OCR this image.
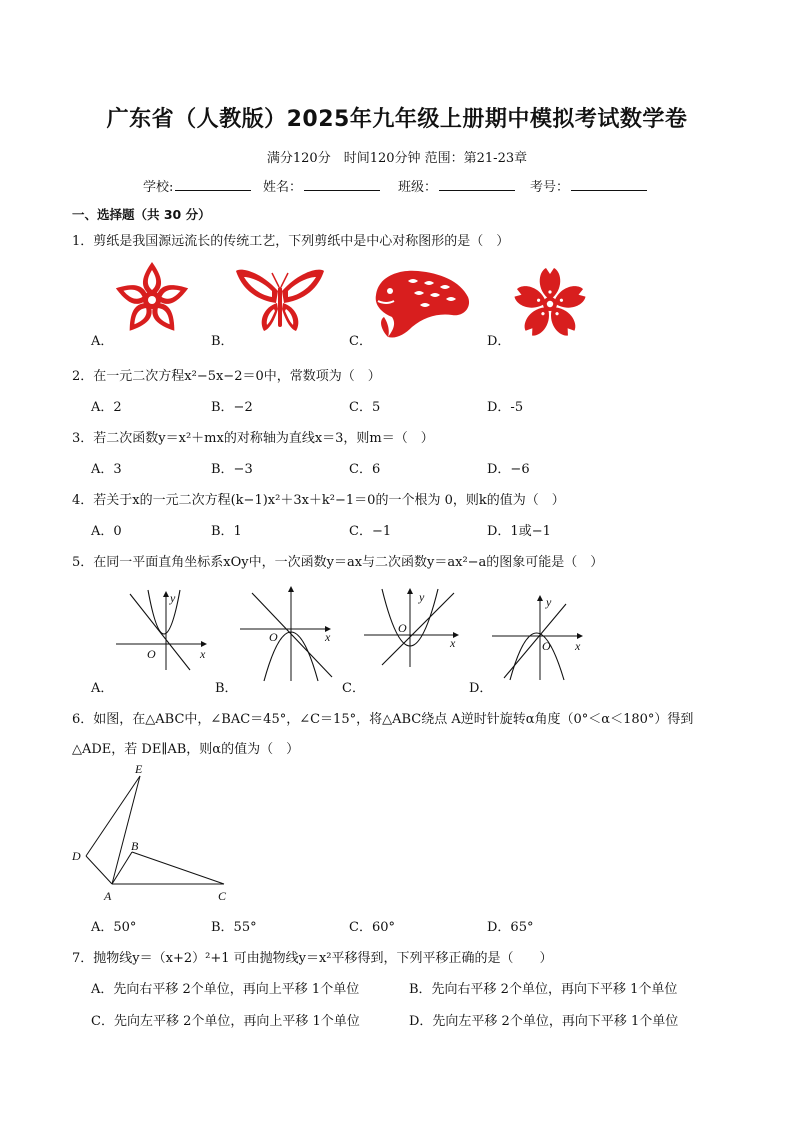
广东省（人教版）2025年九年级上册期中模拟考试数学卷
满分120分　时间120分钟 范围：第21-23章
学校:	姓名：	班级：	考号：
一、选择题（共 30 分）
1．剪纸是我国源远流长的传统工艺，下列剪纸中是中心对称图形的是（　）
A．	B．	C．	D．
2．在一元二次方程x²−5x−2＝0中，常数项为（　）
A．2	B．−2	C．5	D．-5
3．若二次函数y＝x²＋mx的对称轴为直线x＝3，则m＝（　）
A．3	B．−3	C．6	D．−6
4．若关于x的一元二次方程(k−1)x²＋3x＋k²−1＝0的一个根为 0，则k的值为（　）
A．0	B．1	C．−1	D．1或−1
5．在同一平面直角坐标系xOy中，一次函数y＝ax与二次函数y＝ax²−a的图象可能是（　）
y
x
O
x
O
y
x
O
y
x
O
A．	B．	C．	D．
6．如图，在△ABC中，∠BAC＝45°，∠C＝15°，将△ABC绕点 A逆时针旋转α角度（0°＜α＜180°）得到
△ADE，若 DE∥AB，则α的值为（　）
E
D
B
A	C
A．50°	B．55°	C．60°	D．65°
7．抛物线y＝（x+2）²+1 可由抛物线y＝x²平移得到，下列平移正确的是（　　）
A．先向右平移 2个单位，再向上平移 1个单位	B．先向右平移 2个单位，再向下平移 1个单位
C．先向左平移 2个单位，再向上平移 1个单位	D．先向左平移 2个单位，再向下平移 1个单位
